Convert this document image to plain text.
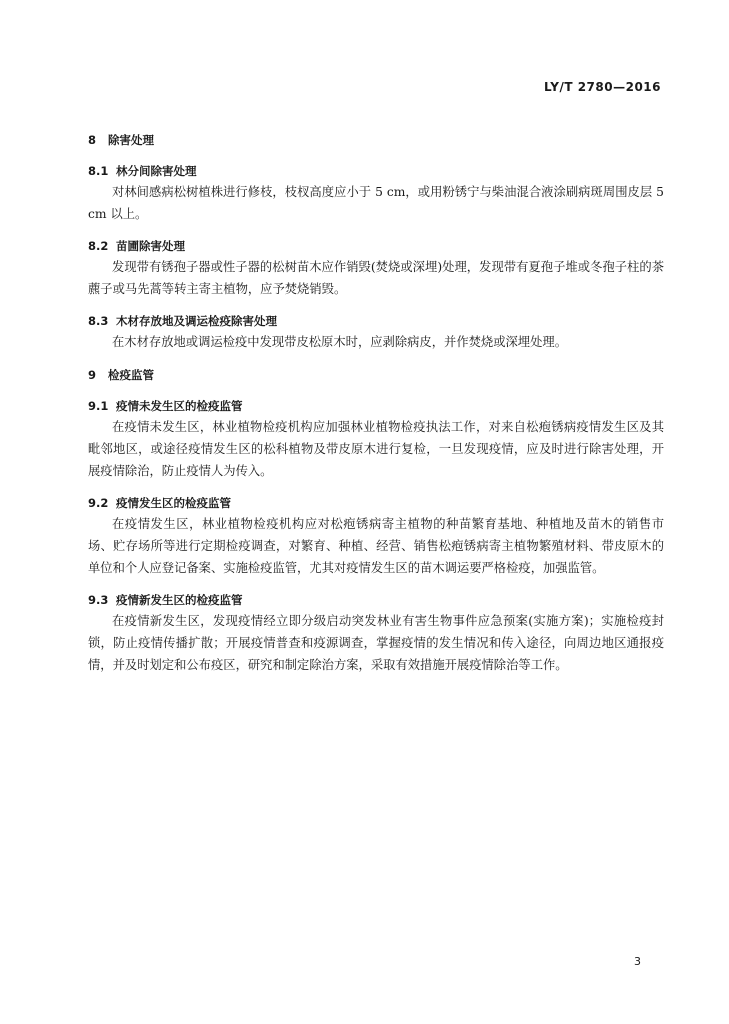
LY/T 2780—2016
8 除害处理
8.1 林分间除害处理

对林间感病松树植株进行修枝，枝杈高度应小于 5 cm，或用粉锈宁与柴油混合液涂刷病斑周围皮层 5 cm 以上。

8.2 苗圃除害处理

发现带有锈孢子器或性子器的松树苗木应作销毁(焚烧或深埋)处理，发现带有夏孢子堆或冬孢子柱的茶藨子或马先蒿等转主寄主植物，应予焚烧销毁。

8.3 木材存放地及调运检疫除害处理

在木材存放地或调运检疫中发现带皮松原木时，应剥除病皮，并作焚烧或深埋处理。

9 检疫监管
9.1 疫情未发生区的检疫监管

在疫情未发生区，林业植物检疫机构应加强林业植物检疫执法工作，对来自松疱锈病疫情发生区及其毗邻地区，或途径疫情发生区的松科植物及带皮原木进行复检，一旦发现疫情，应及时进行除害处理，开展疫情除治，防止疫情人为传入。

9.2 疫情发生区的检疫监管

在疫情发生区，林业植物检疫机构应对松疱锈病寄主植物的种苗繁育基地、种植地及苗木的销售市场、贮存场所等进行定期检疫调查，对繁育、种植、经营、销售松疱锈病寄主植物繁殖材料、带皮原木的单位和个人应登记备案、实施检疫监管，尤其对疫情发生区的苗木调运要严格检疫，加强监管。

9.3 疫情新发生区的检疫监管

在疫情新发生区，发现疫情经立即分级启动突发林业有害生物事件应急预案(实施方案)；实施检疫封锁，防止疫情传播扩散；开展疫情普查和疫源调查，掌握疫情的发生情况和传入途径，向周边地区通报疫情，并及时划定和公布疫区，研究和制定除治方案，采取有效措施开展疫情除治等工作。

3
